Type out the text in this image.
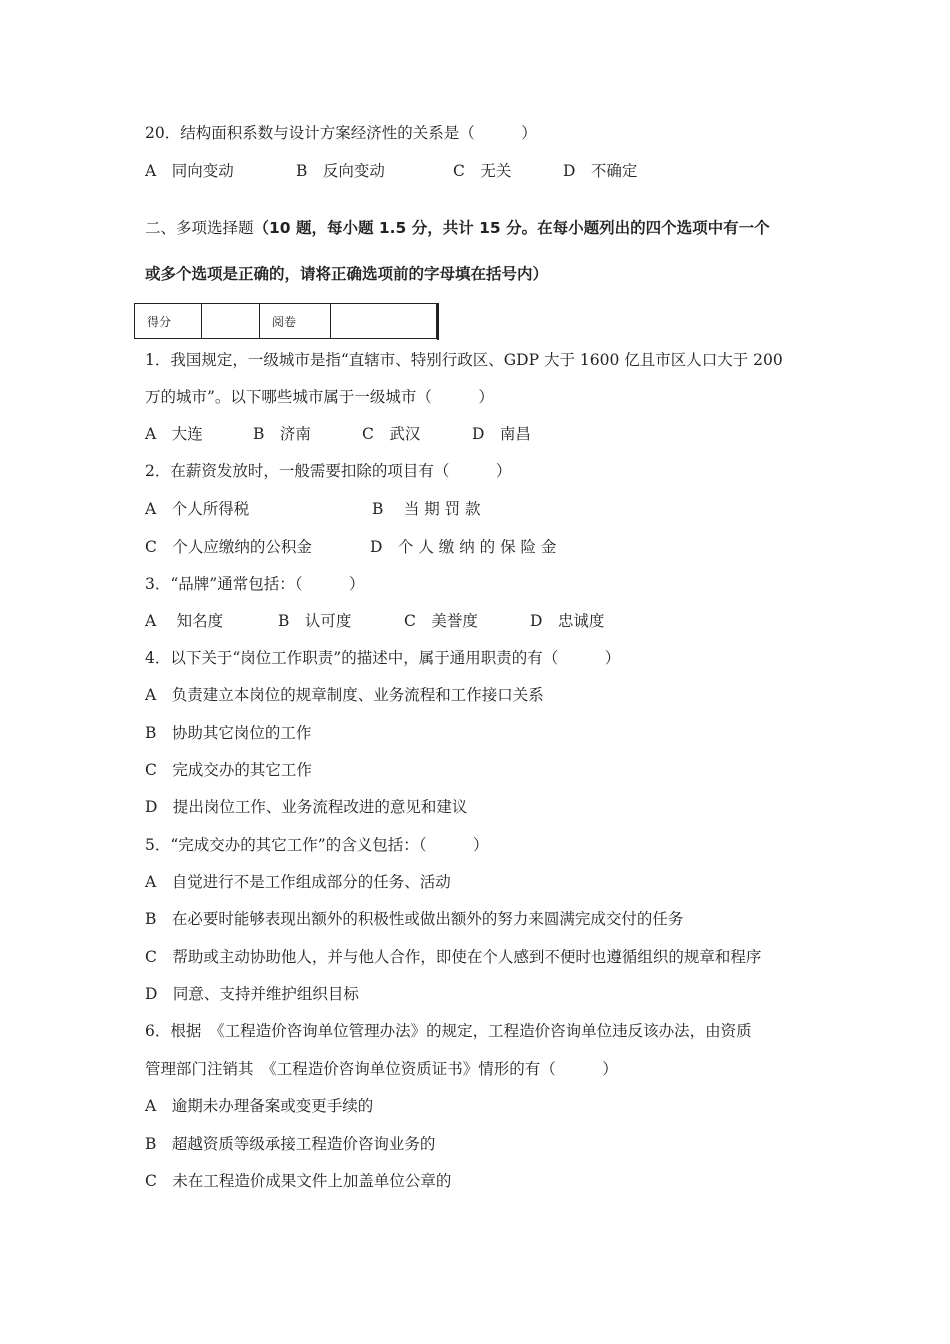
20．结构面积系数与设计方案经济性的关系是（　　　）
A　同向变动	B　反向变动	C　无关	D　不确定
二、多项选择题（10 题，每小题 1.5 分，共计 15 分。在每小题列出的四个选项中有一个
或多个选项是正确的，请将正确选项前的字母填在括号内）
得分		阅卷	
1．我国规定，一级城市是指“直辖市、特别行政区、GDP 大于 1600 亿且市区人口大于 200
万的城市”。以下哪些城市属于一级城市（　　　）
A　大连	B　济南	C　武汉	D　南昌
2．在薪资发放时，一般需要扣除的项目有（　　　）
A　个人所得税	B　 当 期 罚 款
C　个人应缴纳的公积金	D　个 人 缴 纳 的 保 险 金
3．“品牌”通常包括：（　　　）
A　 知名度	B　认可度	C　美誉度	D　忠诚度
4．以下关于“岗位工作职责”的描述中，属于通用职责的有（　　　）
A　负责建立本岗位的规章制度、业务流程和工作接口关系
B　协助其它岗位的工作
C　完成交办的其它工作
D　提出岗位工作、业务流程改进的意见和建议
5．“完成交办的其它工作”的含义包括：（　　　）
A　自觉进行不是工作组成部分的任务、活动
B　在必要时能够表现出额外的积极性或做出额外的努力来圆满完成交付的任务
C　帮助或主动协助他人，并与他人合作，即使在个人感到不便时也遵循组织的规章和程序
D　同意、支持并维护组织目标
6．根据　《工程造价咨询单位管理办法》的规定，工程造价咨询单位违反该办法，由资质
管理部门注销其　《工程造价咨询单位资质证书》情形的有（　　　）
A　逾期未办理备案或变更手续的
B　超越资质等级承接工程造价咨询业务的
C　未在工程造价成果文件上加盖单位公章的
